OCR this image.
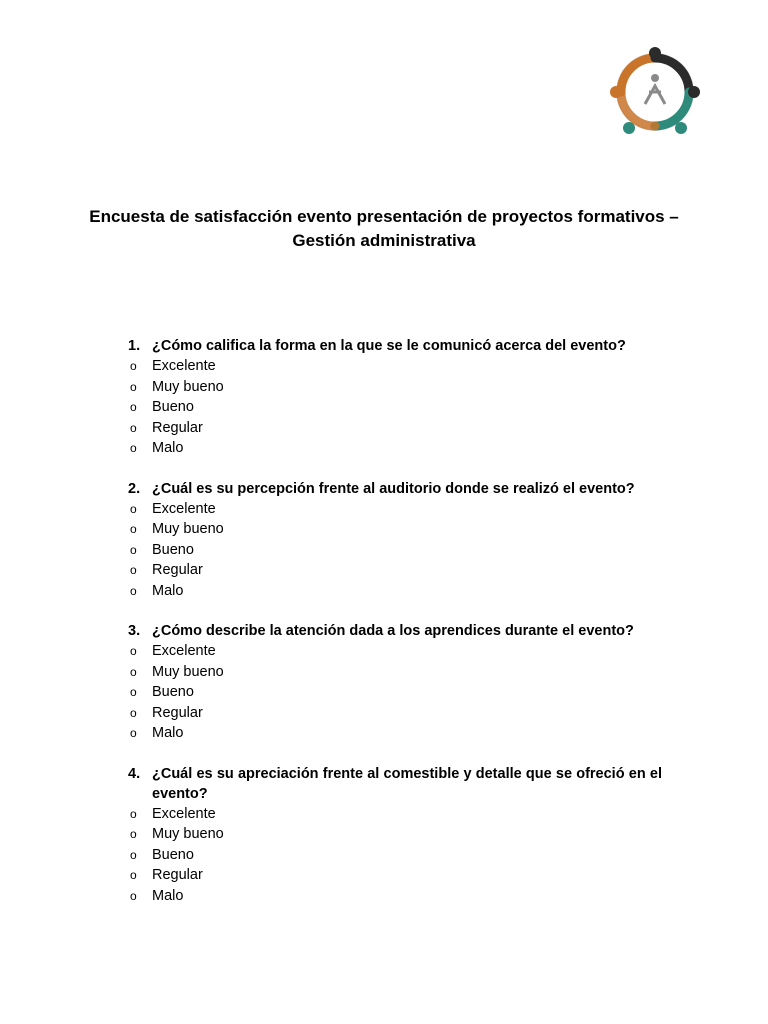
Encuesta de satisfacción evento presentación de proyectos formativos –
Gestión administrativa
1. ¿Cómo califica la forma en la que se le comunicó acerca del evento?
o Excelente
o Muy bueno
o Bueno
o Regular
o Malo
2. ¿Cuál es su percepción frente al auditorio donde se realizó el evento?
o Excelente
o Muy bueno
o Bueno
o Regular
o Malo
3. ¿Cómo describe la atención dada a los aprendices durante el evento?
o Excelente
o Muy bueno
o Bueno
o Regular
o Malo
4. ¿Cuál es su apreciación frente al comestible y detalle que se ofreció en el evento?
o Excelente
o Muy bueno
o Bueno
o Regular
o Malo
